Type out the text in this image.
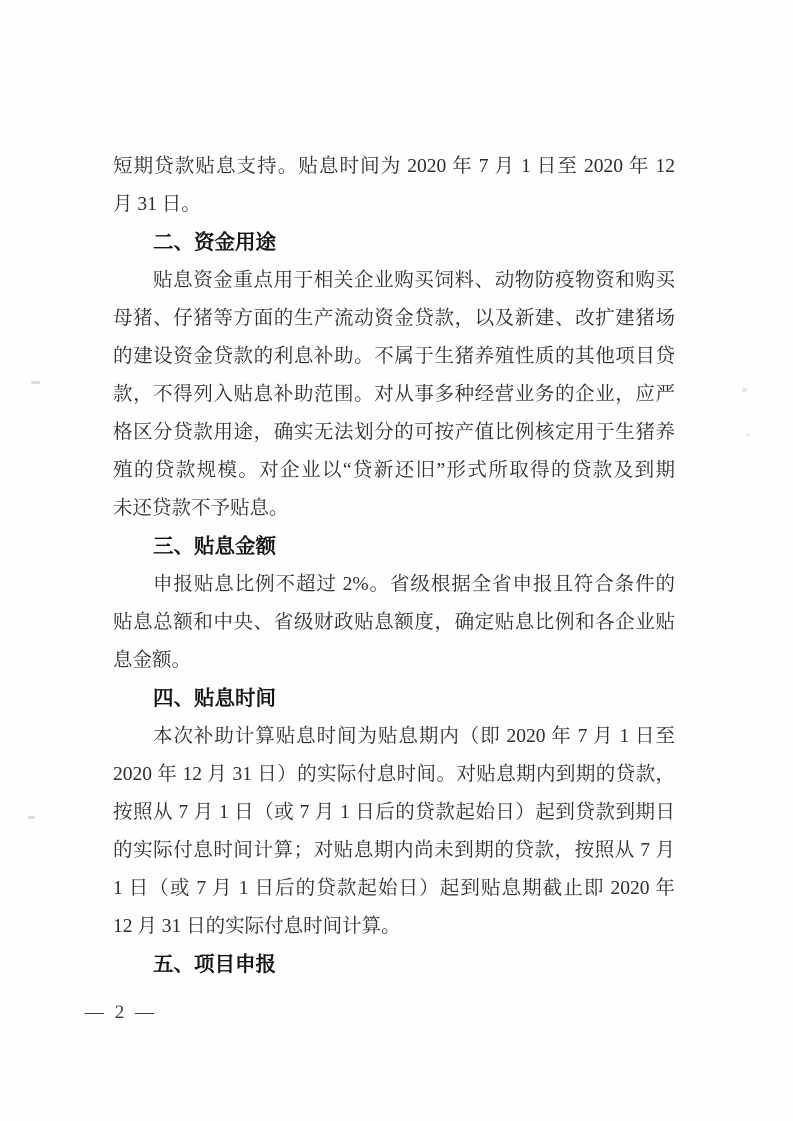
短期贷款贴息支持。贴息时间为 2020 年 7 月 1 日至 2020 年 12
月 31 日。
二、资金用途
贴息资金重点用于相关企业购买饲料、动物防疫物资和购买
母猪、仔猪等方面的生产流动资金贷款，以及新建、改扩建猪场
的建设资金贷款的利息补助。不属于生猪养殖性质的其他项目贷
款，不得列入贴息补助范围。对从事多种经营业务的企业，应严
格区分贷款用途，确实无法划分的可按产值比例核定用于生猪养
殖的贷款规模。对企业以“贷新还旧”形式所取得的贷款及到期
未还贷款不予贴息。
三、贴息金额
申报贴息比例不超过 2%。省级根据全省申报且符合条件的
贴息总额和中央、省级财政贴息额度，确定贴息比例和各企业贴
息金额。
四、贴息时间
本次补助计算贴息时间为贴息期内（即 2020 年 7 月 1 日至
2020 年 12 月 31 日）的实际付息时间。对贴息期内到期的贷款，
按照从 7 月 1 日（或 7 月 1 日后的贷款起始日）起到贷款到期日
的实际付息时间计算；对贴息期内尚未到期的贷款，按照从 7 月
1 日（或 7 月 1 日后的贷款起始日）起到贴息期截止即 2020 年
12 月 31 日的实际付息时间计算。
五、项目申报
— 2 —
